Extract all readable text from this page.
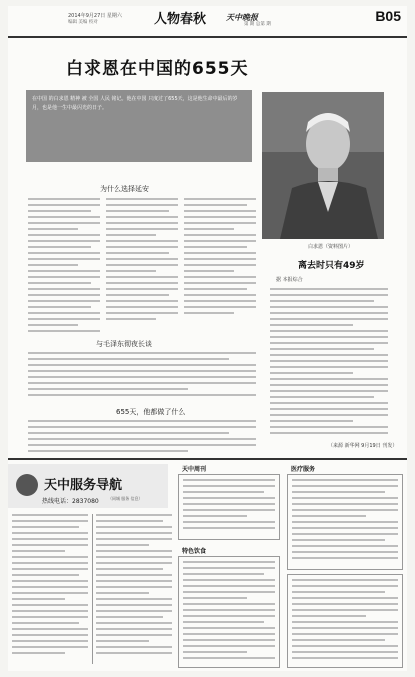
2014年9月27日 星期六
编辑 美编 校对	人物春秋 天中晚报
第 期 总第 期
B05
白求恩在中国的655天

在中国 的白求恩 精神 被 全国 人民 铭记。他在中国 只度过了655天，这是他生命中最后的岁月，也是他一生中最闪光的日子。

白求恩（资料图片）
为什么选择延安
与毛泽东彻夜长谈
655天，他都做了什么
离去时只有49岁
据 本报综合
（来源 新华网 9月19日 刊发）
天中服务导航
热线电话：2837080 （同城 服务 信息）
天中周刊	医疗服务
特色饮食
